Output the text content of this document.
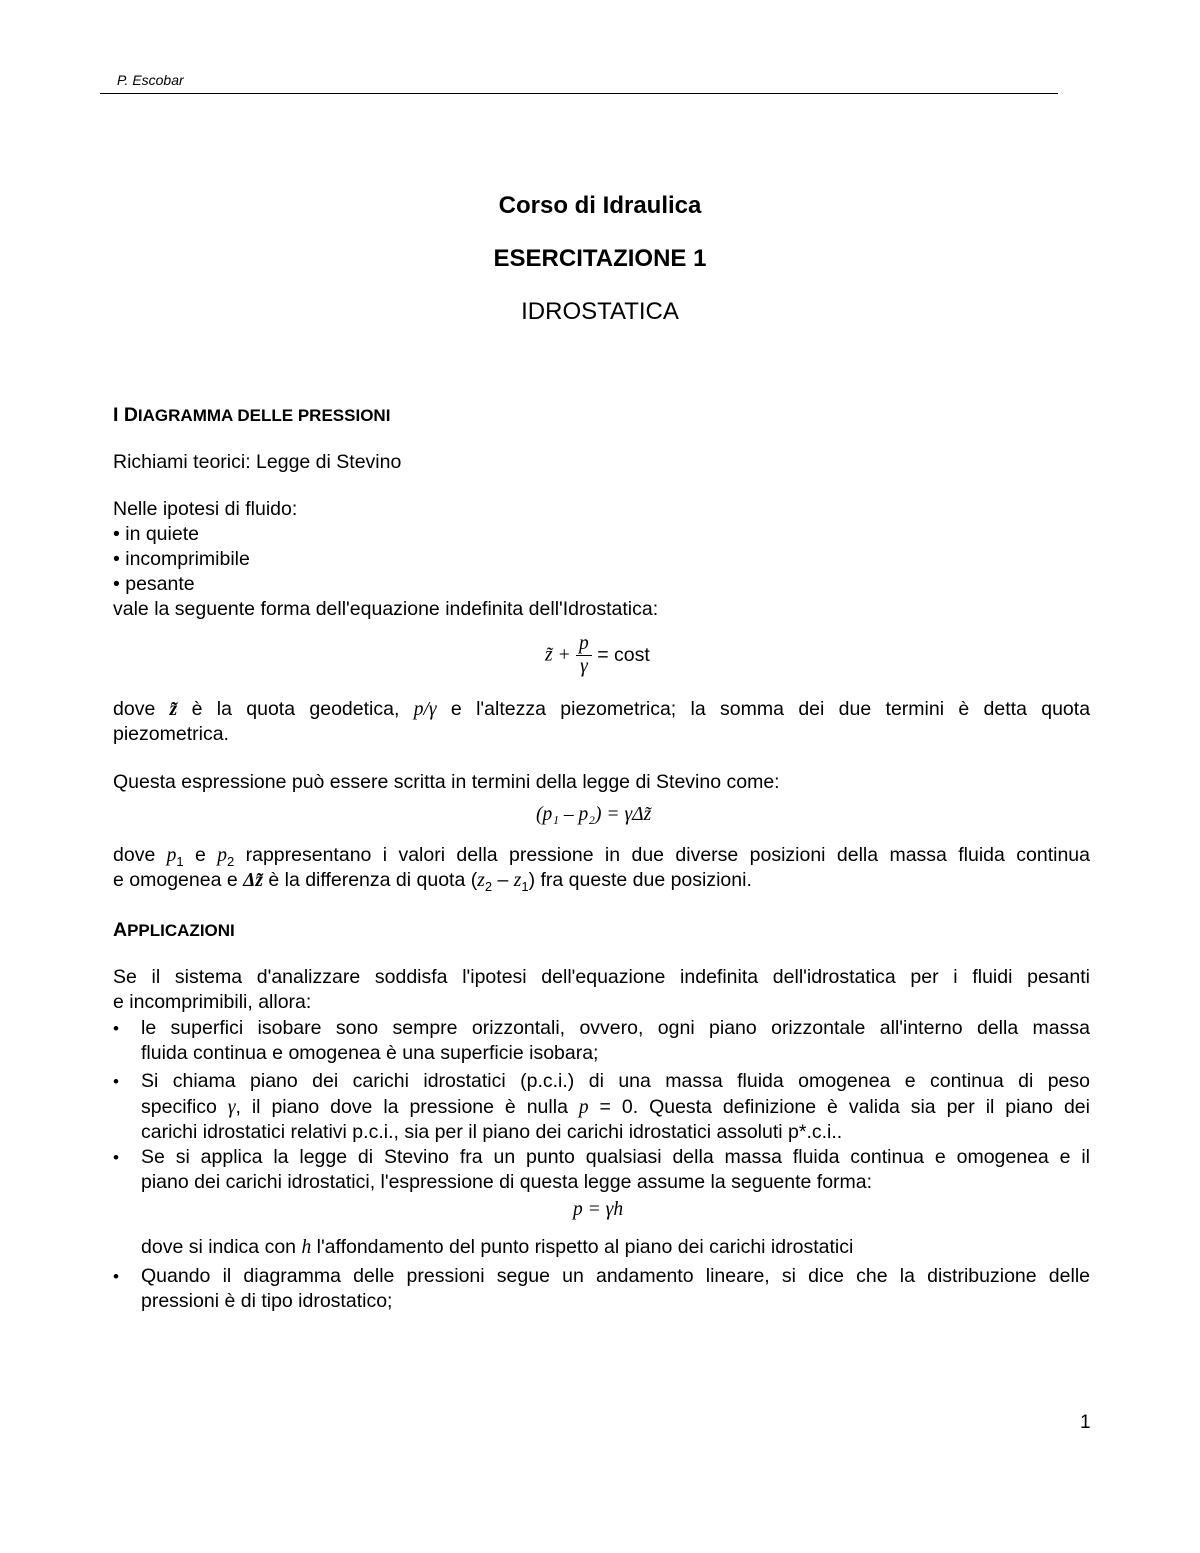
P. Escobar
Corso di Idraulica
ESERCITAZIONE 1
IDROSTATICA
I DIAGRAMMA DELLE PRESSIONI
Richiami teorici: Legge di Stevino
Nelle ipotesi di fluido:
• in quiete
• incomprimibile
• pesante
vale la seguente forma dell'equazione indefinita dell'Idrostatica:
z̃ + $\frac{p}{\gamma} = \cos t$
dove z̃ è la quota geodetica, p/γ e l'altezza piezometrica; la somma dei due termini è detta quota
piezometrica.
Questa espressione può essere scritta in termini della legge di Stevino come:
(p₁ – p₂) = γΔz̃
dove $p_1$ e $p_2$ rappresentano i valori della pressione in due diverse posizioni della massa fluida continua
e omogenea e Δz̃ è la differenza di quota $(z_2 - z_1)$ fra queste due posizioni.
APPLICAZIONI
Se il sistema d'analizzare soddisfa l'ipotesi dell'equazione indefinita dell'idrostatica per i fluidi pesanti
e incomprimibili, allora:
•	le superfici isobare sono sempre orizzontali, ovvero, ogni piano orizzontale all'interno della massa
fluida continua e omogenea è una superficie isobara;
•	Si chiama piano dei carichi idrostatici (p.c.i.) di una massa fluida omogenea e continua di peso
specifico γ, il piano dove la pressione è nulla p = 0. Questa definizione è valida sia per il piano dei
carichi idrostatici relativi p.c.i., sia per il piano dei carichi idrostatici assoluti p*.c.i..
•	Se si applica la legge di Stevino fra un punto qualsiasi della massa fluida continua e omogenea e il
piano dei carichi idrostatici, l'espressione di questa legge assume la seguente forma:
p = γh
dove si indica con h l'affondamento del punto rispetto al piano dei carichi idrostatici
•	Quando il diagramma delle pressioni segue un andamento lineare, si dice che la distribuzione delle
pressioni è di tipo idrostatico;
1
